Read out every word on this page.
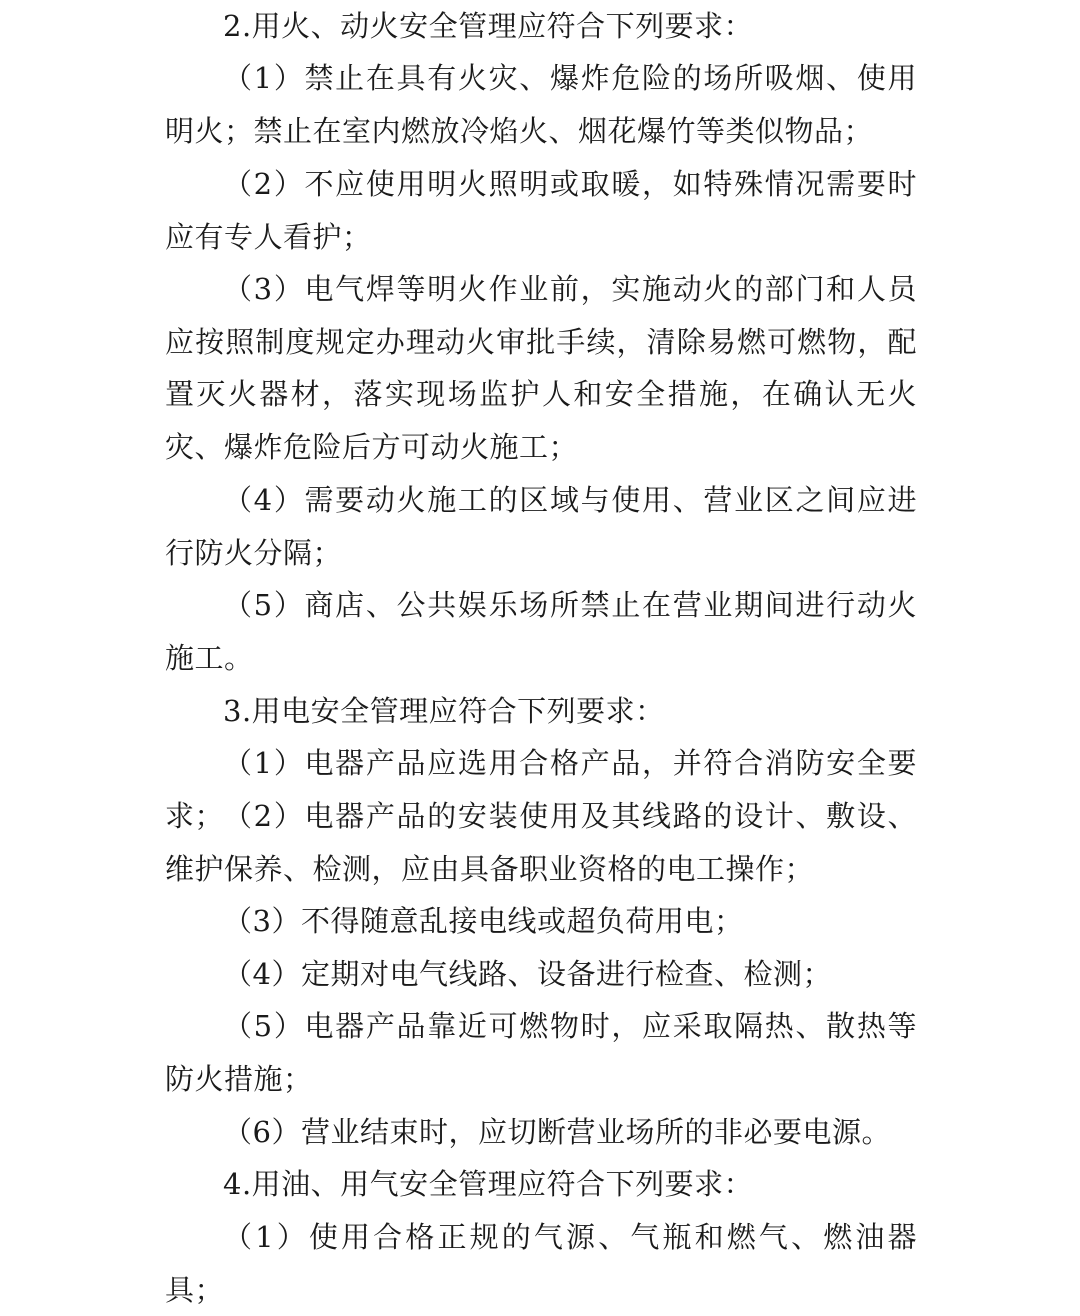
2.用火、动火安全管理应符合下列要求：

（1）禁止在具有火灾、爆炸危险的场所吸烟、使用明火；禁止在室内燃放冷焰火、烟花爆竹等类似物品；

（2）不应使用明火照明或取暖，如特殊情况需要时应有专人看护；

（3）电气焊等明火作业前，实施动火的部门和人员应按照制度规定办理动火审批手续，清除易燃可燃物，配置灭火器材，落实现场监护人和安全措施，在确认无火灾、爆炸危险后方可动火施工；

（4）需要动火施工的区域与使用、营业区之间应进行防火分隔；

（5）商店、公共娱乐场所禁止在营业期间进行动火施工。

3.用电安全管理应符合下列要求：

（1）电器产品应选用合格产品，并符合消防安全要求；

（2）电器产品的安装使用及其线路的设计、敷设、维护保养、检测，应由具备职业资格的电工操作；

（3）不得随意乱接电线或超负荷用电；

（4）定期对电气线路、设备进行检查、检测；

（5）电器产品靠近可燃物时，应采取隔热、散热等防火措施；

（6）营业结束时，应切断营业场所的非必要电源。

4.用油、用气安全管理应符合下列要求：

（1）使用合格正规的气源、气瓶和燃气、燃油器具；
